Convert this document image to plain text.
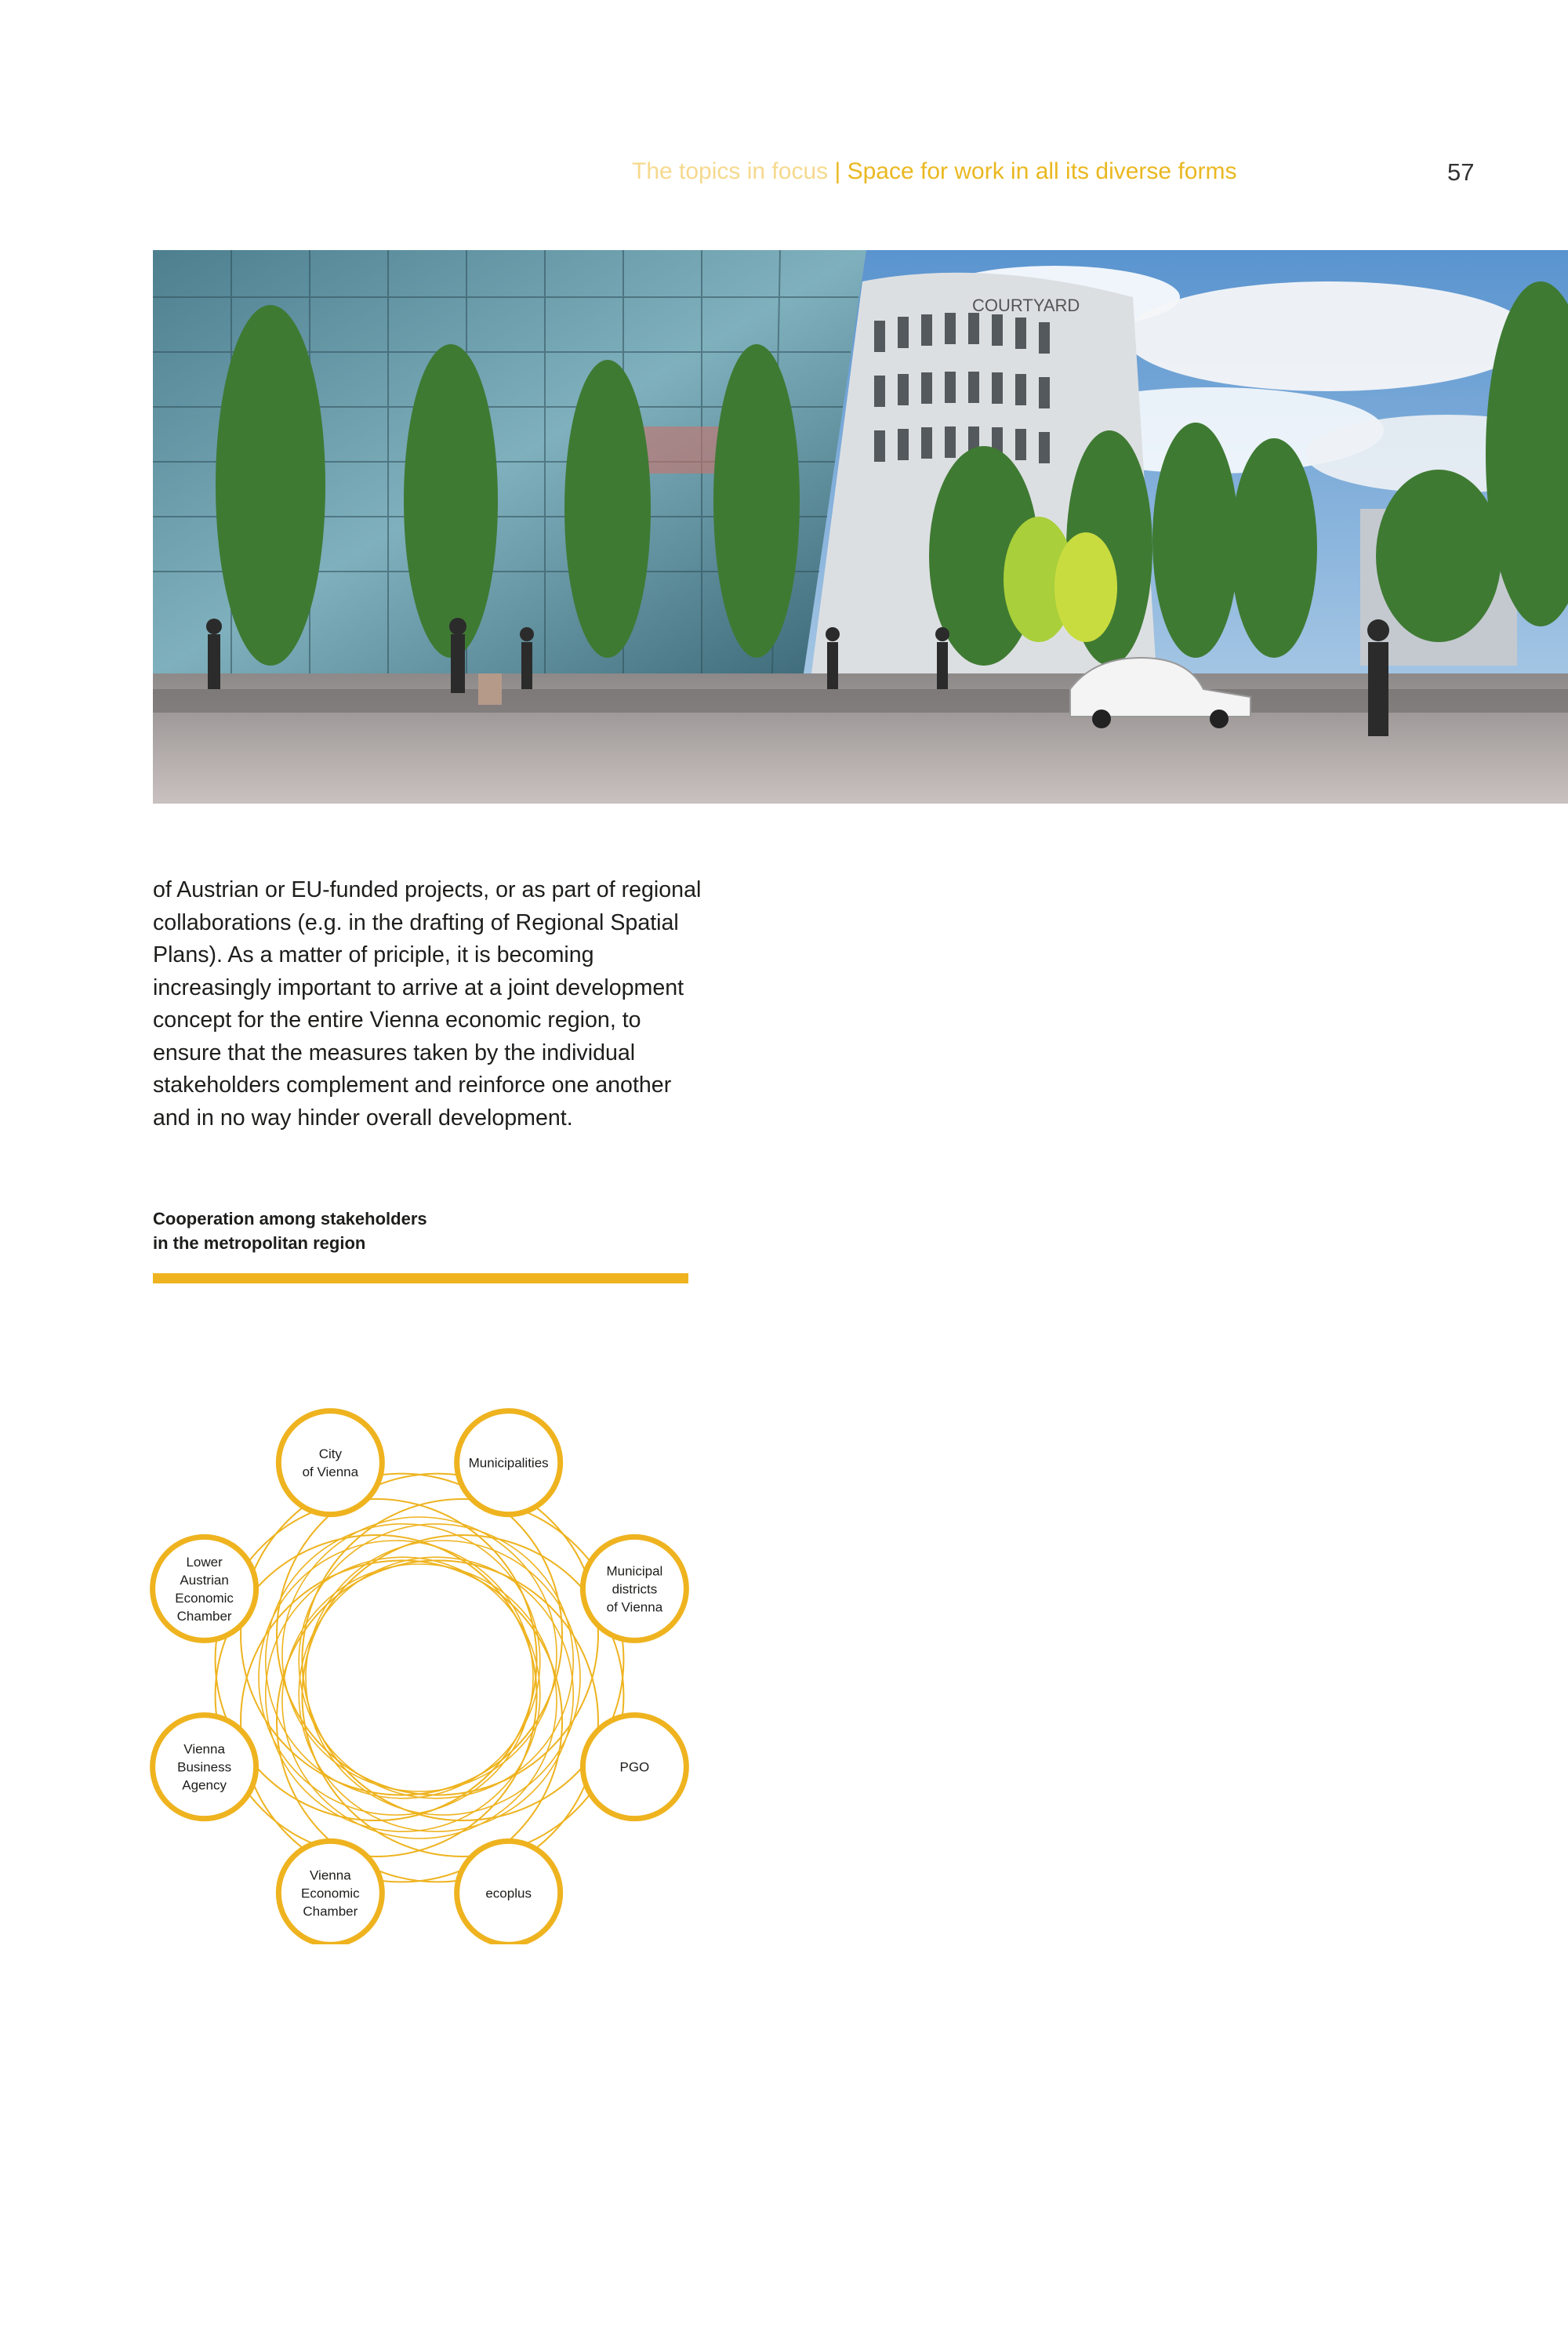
The topics in focus | Space for work in all its diverse forms	57
COURTYARD
of Austrian or EU-funded projects, or as part of regional collaborations (e.g. in the drafting of Regional Spatial Plans). As a matter of priciple, it is becoming increasingly important to arrive at a joint development concept for the entire Vienna economic region, to ensure that the measures taken by the individual stakeholders complement and reinforce one another and in no way hinder overall development.
Cooperation among stakeholders
in the metropolitan region
City
of Vienna
Municipalities
Municipal
districts
of Vienna
PGO
ecoplus
Vienna
Economic
Chamber
Vienna
Business
Agency
Lower
Austrian
Economic
Chamber
